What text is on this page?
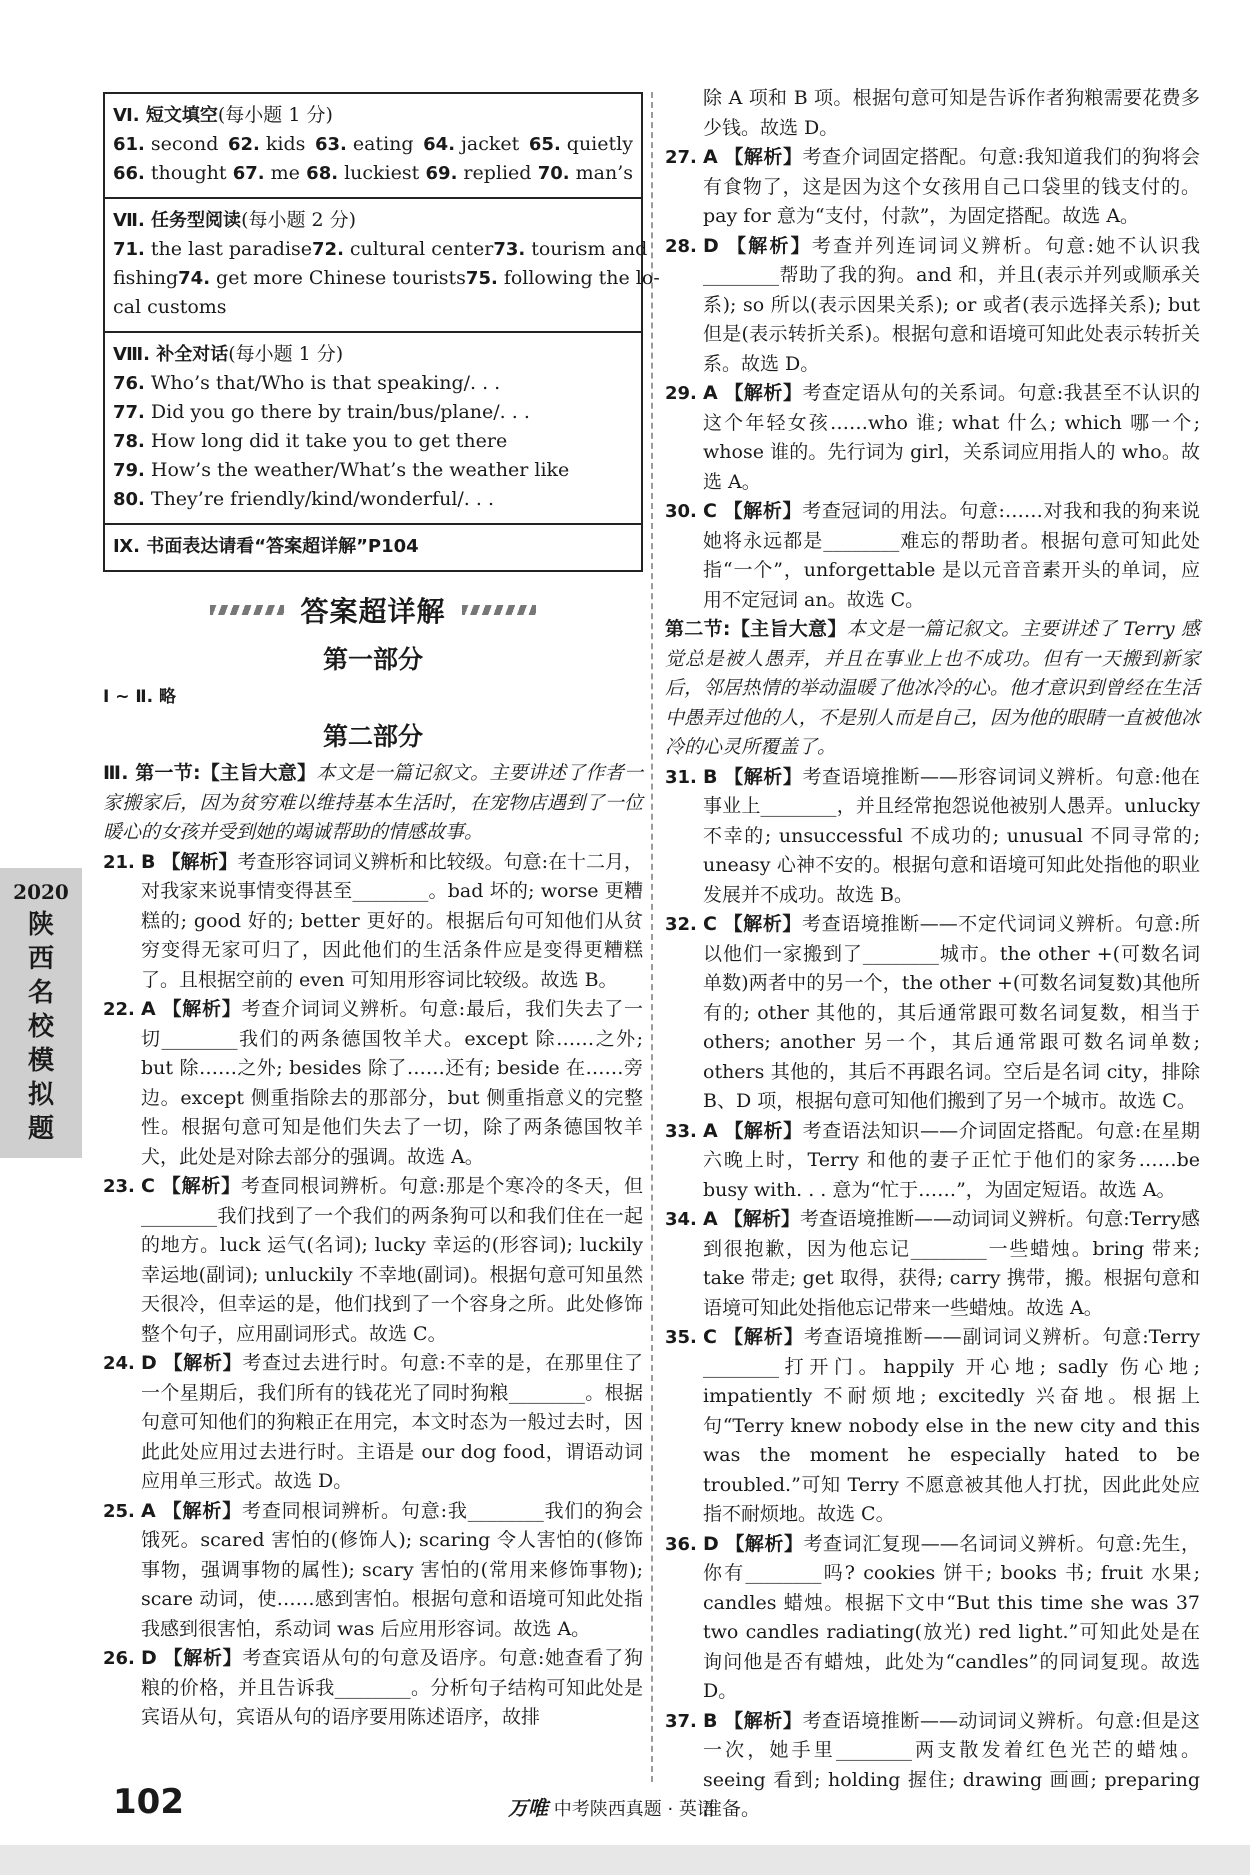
Ⅵ. 短文填空(每小题 1 分)
61. second 62. kids 63. eating 64. jacket 65. quietly
66. thought 67. me 68. luckiest 69. replied 70. man’s
Ⅶ. 任务型阅读(每小题 2 分)
71. the last paradise 72. cultural center 73. tourism and
fishing 74. get more Chinese tourists 75. following the lo-
cal customs
Ⅷ. 补全对话(每小题 1 分)
76. Who’s that/Who is that speaking/. . .
77. Did you go there by train/bus/plane/. . .
78. How long did it take you to get there
79. How’s the weather/What’s the weather like
80. They’re friendly/kind/wonderful/. . .
Ⅸ. 书面表达请看“答案超详解”P104
答案超详解
第一部分
Ⅰ ~ Ⅱ. 略
第二部分

Ⅲ. 第一节:【主旨大意】本文是一篇记叙文。主要讲述了作者一家搬家后，因为贫穷难以维持基本生活时，在宠物店遇到了一位暖心的女孩并受到她的竭诚帮助的情感故事。

21. B 【解析】考查形容词词义辨析和比较级。句意:在十二月，对我家来说事情变得甚至________。bad 坏的; worse 更糟糕的; good 好的; better 更好的。根据后句可知他们从贫穷变得无家可归了，因此他们的生活条件应是变得更糟糕了。且根据空前的 even 可知用形容词比较级。故选 B。
22. A 【解析】考查介词词义辨析。句意:最后，我们失去了一切________我们的两条德国牧羊犬。except 除……之外; but 除……之外; besides 除了……还有; beside 在……旁边。except 侧重指除去的那部分，but 侧重指意义的完整性。根据句意可知是他们失去了一切，除了两条德国牧羊犬，此处是对除去部分的强调。故选 A。
23. C 【解析】考查同根词辨析。句意:那是个寒冷的冬天，但________我们找到了一个我们的两条狗可以和我们住在一起的地方。luck 运气(名词); lucky 幸运的(形容词); luckily 幸运地(副词); unluckily 不幸地(副词)。根据句意可知虽然天很冷，但幸运的是，他们找到了一个容身之所。此处修饰整个句子，应用副词形式。故选 C。
24. D 【解析】考查过去进行时。句意:不幸的是，在那里住了一个星期后，我们所有的钱花光了同时狗粮________。根据句意可知他们的狗粮正在用完，本文时态为一般过去时，因此此处应用过去进行时。主语是 our dog food，谓语动词应用单三形式。故选 D。
25. A 【解析】考查同根词辨析。句意:我________我们的狗会饿死。scared 害怕的(修饰人); scaring 令人害怕的(修饰事物，强调事物的属性); scary 害怕的(常用来修饰事物); scare 动词，使……感到害怕。根据句意和语境可知此处指我感到很害怕，系动词 was 后应用形容词。故选 A。
26. D 【解析】考查宾语从句的句意及语序。句意:她查看了狗粮的价格，并且告诉我________。分析句子结构可知此处是宾语从句，宾语从句的语序要用陈述语序，故排

除 A 项和 B 项。根据句意可知是告诉作者狗粮需要花费多少钱。故选 D。

27. A 【解析】考查介词固定搭配。句意:我知道我们的狗将会有食物了，这是因为这个女孩用自己口袋里的钱支付的。pay for 意为“支付，付款”，为固定搭配。故选 A。
28. D 【解析】考查并列连词词义辨析。句意:她不认识我________帮助了我的狗。and 和，并且(表示并列或顺承关系); so 所以(表示因果关系); or 或者(表示选择关系); but 但是(表示转折关系)。根据句意和语境可知此处表示转折关系。故选 D。
29. A 【解析】考查定语从句的关系词。句意:我甚至不认识的这个年轻女孩……who 谁; what 什么; which 哪一个; whose 谁的。先行词为 girl，关系词应用指人的 who。故选 A。
30. C 【解析】考查冠词的用法。句意:……对我和我的狗来说她将永远都是________难忘的帮助者。根据句意可知此处指“一个”，unforgettable 是以元音音素开头的单词，应用不定冠词 an。故选 C。

第二节:【主旨大意】本文是一篇记叙文。主要讲述了 Terry 感觉总是被人愚弄，并且在事业上也不成功。但有一天搬到新家后，邻居热情的举动温暖了他冰冷的心。他才意识到曾经在生活中愚弄过他的人，不是别人而是自己，因为他的眼睛一直被他冰冷的心灵所覆盖了。

31. B 【解析】考查语境推断——形容词词义辨析。句意:他在事业上________，并且经常抱怨说他被别人愚弄。unlucky 不幸的; unsuccessful 不成功的; unusual 不同寻常的; uneasy 心神不安的。根据句意和语境可知此处指他的职业发展并不成功。故选 B。
32. C 【解析】考查语境推断——不定代词词义辨析。句意:所以他们一家搬到了________城市。the other +(可数名词单数)两者中的另一个，the other +(可数名词复数)其他所有的; other 其他的，其后通常跟可数名词复数，相当于 others; another 另一个，其后通常跟可数名词单数; others 其他的，其后不再跟名词。空后是名词 city，排除 B、D 项，根据句意可知他们搬到了另一个城市。故选 C。
33. A 【解析】考查语法知识——介词固定搭配。句意:在星期六晚上时，Terry 和他的妻子正忙于他们的家务……be busy with. . . 意为“忙于……”，为固定短语。故选 A。
34. A 【解析】考查语境推断——动词词义辨析。句意:Terry感到很抱歉，因为他忘记________一些蜡烛。bring 带来; take 带走; get 取得，获得; carry 携带，搬。根据句意和语境可知此处指他忘记带来一些蜡烛。故选 A。
35. C 【解析】考查语境推断——副词词义辨析。句意:Terry ________打开门。happily 开心地; sadly 伤心地; impatiently 不耐烦地; excitedly 兴奋地。根据上句“Terry knew nobody else in the new city and this was the moment he especially hated to be troubled.”可知 Terry 不愿意被其他人打扰，因此此处应指不耐烦地。故选 C。
36. D 【解析】考查词汇复现——名词词义辨析。句意:先生，你有________吗? cookies 饼干; books 书; fruit 水果; candles 蜡烛。根据下文中“But this time she was 37 two candles radiating(放光) red light.”可知此处是在询问他是否有蜡烛，此处为“candles”的同词复现。故选 D。
37. B 【解析】考查语境推断——动词词义辨析。句意:但是这一次，她手里________两支散发着红色光芒的蜡烛。seeing 看到; holding 握住; drawing 画画; preparing 准备。
2020
陕西名校模拟题
102	万唯 中考陕西真题 · 英语
